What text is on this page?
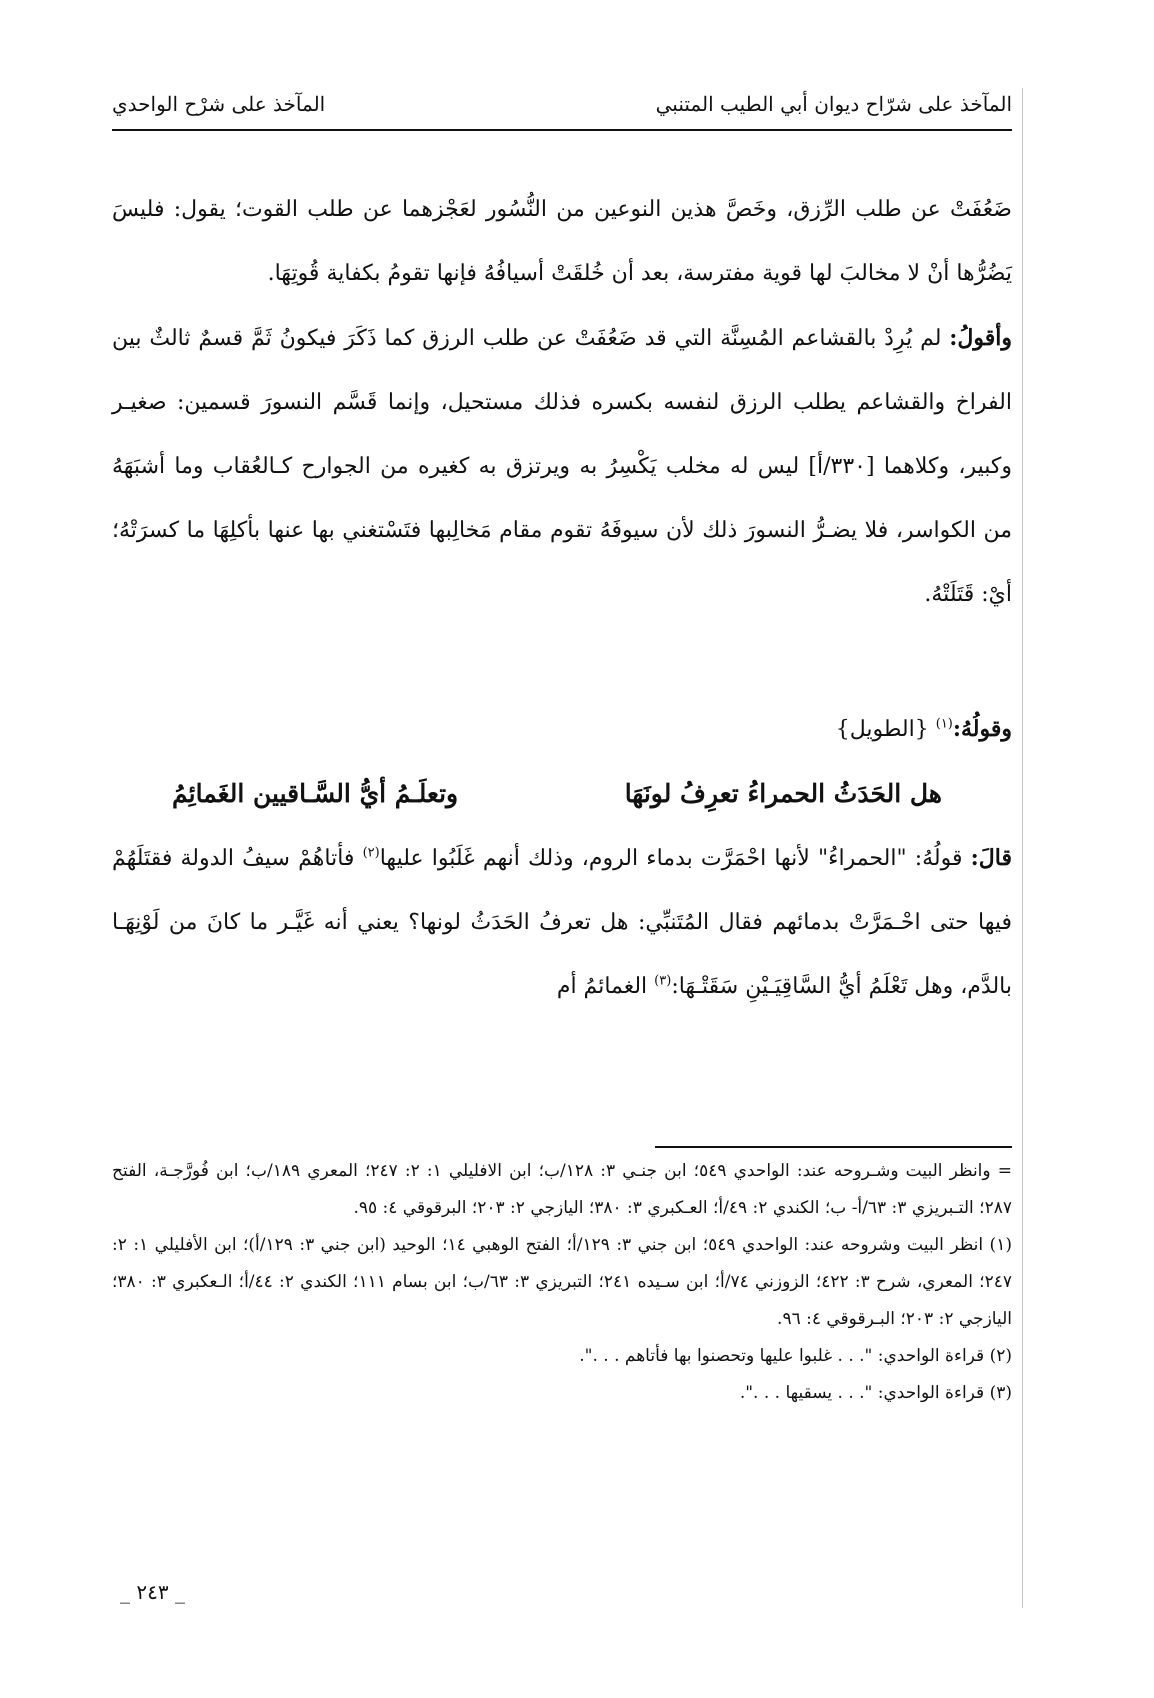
المآخذ على شرّاح ديوان أبي الطيب المتنبي
المآخذ على شرْح الواحدي

ضَعُفَتْ عن طلب الرِّزق، وخَصَّ هذين النوعين من النُّسُور لعَجْزهما عن طلب القوت؛ يقول: فليسَ يَضُرُّها أنْ لا مخالبَ لها قوية مفترسة، بعد أن خُلقَتْ أسيافُهُ فإنها تقومُ بكفاية قُوتِهَا.

وأقولُ: لم يُرِدْ بالقشاعم المُسِنَّة التي قد ضَعُفَتْ عن طلب الرزق كما ذَكَرَ فيكونُ ثَمَّ قسمٌ ثالثٌ بين الفراخ والقشاعم يطلب الرزق لنفسه بكسره فذلك مستحيل، وإنما قَسَّم النسورَ قسمين: صغيـر وكبير، وكلاهما [٣٣٠/أ] ليس له مخلب يَكْسِرُ به ويرتزق به كغيره من الجوارح كـالعُقاب وما أشبَهَهُ من الكواسر، فلا يضـرُّ النسورَ ذلك لأن سيوفَهُ تقوم مقام مَخالِبها فتَسْتغني بها عنها بأكلِهَا ما كسرَتْهُ؛ أيْ: قَتَلَتْهُ.

وقولُهُ:$^{(١)}$ {الطويل}

هل الحَدَثُ الحمراءُ تعرِفُ لونَهَا
وتعلَـمُ أيُّ السَّـاقيين الغَمائِمُ

قالَ: قولُهُ: "الحمراءُ" لأنها احْمَرَّت بدماء الروم، وذلك أنهم غَلَبُوا عليها$^{(٢)}$ فأتاهُمْ سيفُ الدولة فقتَلَهُمْ فيها حتى احْـمَرَّتْ بدمائهم فقال المُتَنبِّي: هل تعرفُ الحَدَثُ لونها؟ يعني أنه غَيَّـر ما كانَ من لَوْنِهَـا بالدَّم، وهل تَعْلَمُ أيُّ السَّاقِيَـيْنِ سَقَتْـهَا:$^{(٣)}$ الغمائمُ أم

= وانظر البيت وشـروحه عند: الواحدي ٥٤٩؛ ابن جنـي ٣: ١٢٨/ب؛ ابن الافليلي ١: ٢: ٢٤٧؛ المعري ١٨٩/ب؛ ابن فُورَّجـة، الفتح ٢٨٧؛ التـبريزي ٣: ٦٣/أ- ب؛ الكندي ٢: ٤٩/أ؛ العـكبري ٣: ٣٨٠؛ اليازجي ٢: ٢٠٣؛ البرقوقي ٤: ٩٥.

(١) انظر البيت وشروحه عند: الواحدي ٥٤٩؛ ابن جني ٣: ١٢٩/أ؛ الفتح الوهبي ١٤؛ الوحيد (ابن جني ٣: ١٢٩/أ)؛ ابن الأفليلي ١: ٢: ٢٤٧؛ المعري، شرح ٣: ٤٢٢؛ الزوزني ٧٤/أ؛ ابن سـيده ٢٤١؛ التبريزي ٣: ٦٣/ب؛ ابن بسام ١١١؛ الكندي ٢: ٤٤/أ؛ الـعكبري ٣: ٣٨٠؛ اليازجي ٢: ٢٠٣؛ البـرقوقي ٤: ٩٦.

(٢) قراءة الواحدي: ". . . غلبوا عليها وتحصنوا بها فأتاهم . . .".

(٣) قراءة الواحدي: ". . . يسقيها . . .".

_ ٢٤٣ _
